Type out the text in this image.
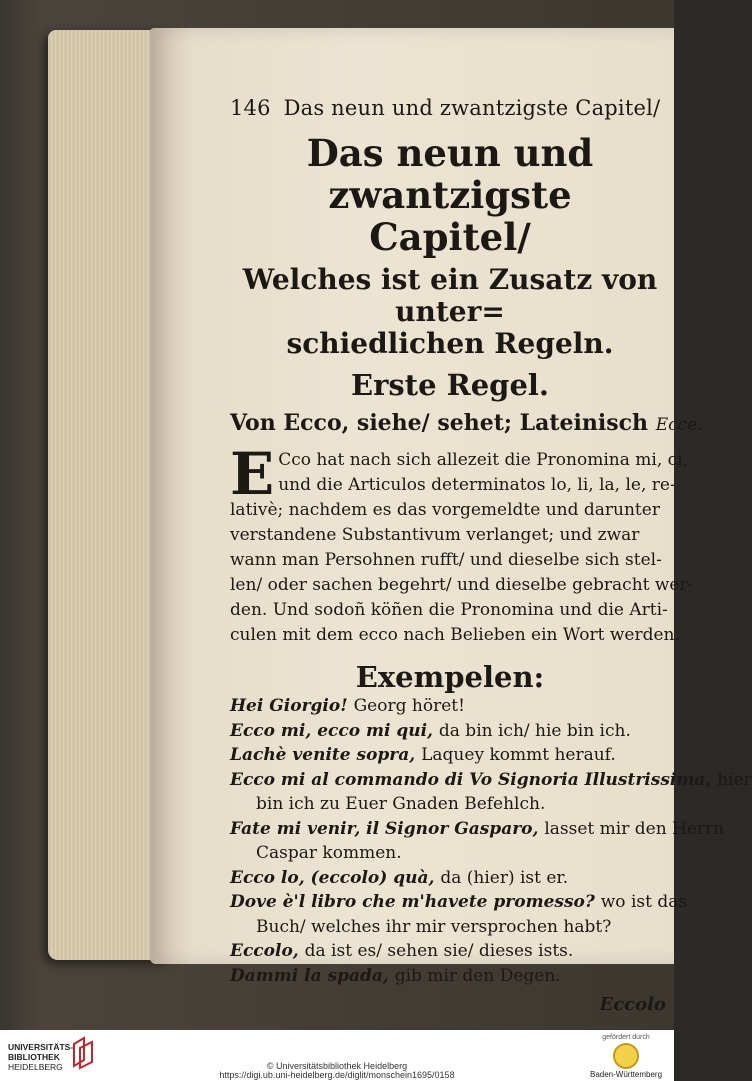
146 Das neun und zwantzigste Capitel/
Das neun und zwantzigste
Capitel/
Welches ist ein Zusatz von unter=
schiedlichen Regeln.
Erste Regel.
Von Ecco, siehe/ sehet; Lateinisch Ecce.
E Cco hat nach sich allezeit die Pronomina mi, ci,
und die Articulos determinatos lo, li, la, le, re-
lativè; nachdem es das vorgemeldte und darunter
verstandene Substantivum verlanget; und zwar
wann man Persohnen rufft/ und dieselbe sich stel-
len/ oder sachen begehrt/ und dieselbe gebracht wer-
den. Und sodoñ köñen die Pronomina und die Arti-
culen mit dem ecco nach Belieben ein Wort werden.
Exempelen:
Hei Giorgio! Georg höret!
Ecco mi, ecco mi qui, da bin ich/ hie bin ich.
Lachè venite sopra, Laquey kommt herauf.
Ecco mi al commando di Vo Signoria Illustrissima, hier
bin ich zu Euer Gnaden Befehlch.
Fate mi venir, il Signor Gasparo, lasset mir den Herrn
Caspar kommen.
Ecco lo, (eccolo) quà, da (hier) ist er.
Dove è'l libro che m'havete promesso? wo ist das
Buch/ welches ihr mir versprochen habt?
Eccolo, da ist es/ sehen sie/ dieses ists.
Dammi la spada, gib mir den Degen.
Eccolo
UNIVERSITÄTS-
BIBLIOTHEK
HEIDELBERG	© Universitätsbibliothek Heidelberg
https://digi.ub.uni-heidelberg.de/diglit/monschein1695/0158
gefördert durch
Baden-Württemberg
